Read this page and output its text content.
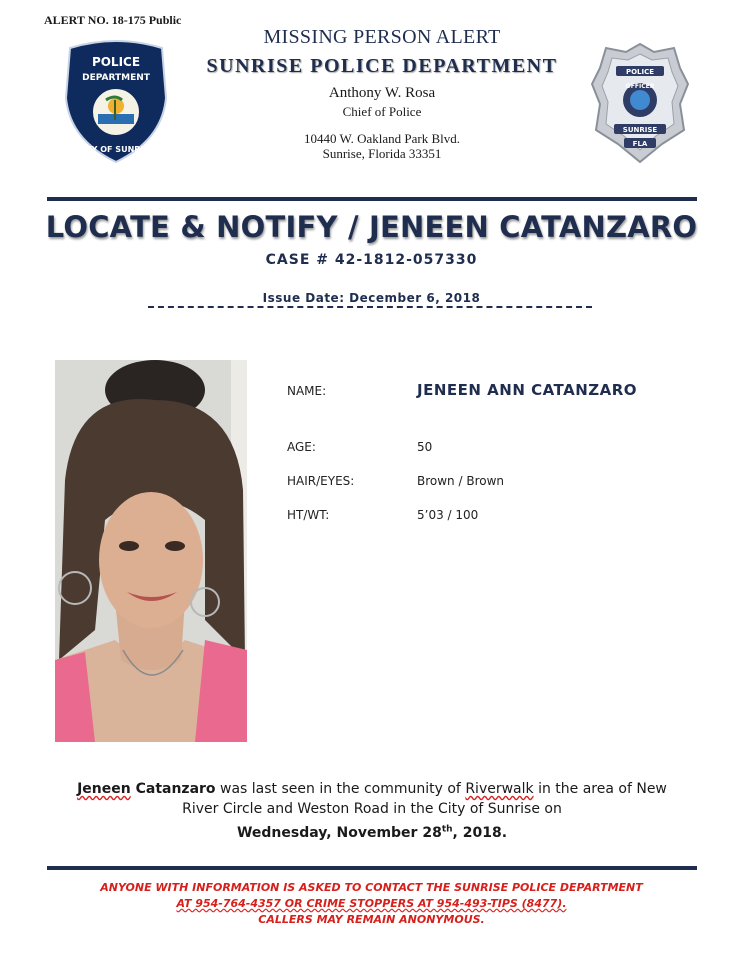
ALERT NO. 18-175 Public
POLICE
DEPARTMENT
CITY OF SUNRISE
MISSING PERSON ALERT
SUNRISE POLICE DEPARTMENT
Anthony W. Rosa
Chief of Police
10440 W. Oakland Park Blvd.
Sunrise, Florida 33351
POLICE
OFFICER
SUNRISE
FLA
LOCATE & NOTIFY / JENEEN CATANZARO
CASE # 42-1812-057330
Issue Date: December 6, 2018
NAME:	JENEEN ANN CATANZARO
AGE:	50
HAIR/EYES:	Brown / Brown
HT/WT:	5’03 / 100
Jeneen Catanzaro was last seen in the community of Riverwalk in the area of New River Circle and Weston Road in the City of Sunrise on
Wednesday, November 28th, 2018.
ANYONE WITH INFORMATION IS ASKED TO CONTACT THE SUNRISE POLICE DEPARTMENT
AT 954-764-4357 OR CRIME STOPPERS AT 954-493-TIPS (8477).
CALLERS MAY REMAIN ANONYMOUS.
